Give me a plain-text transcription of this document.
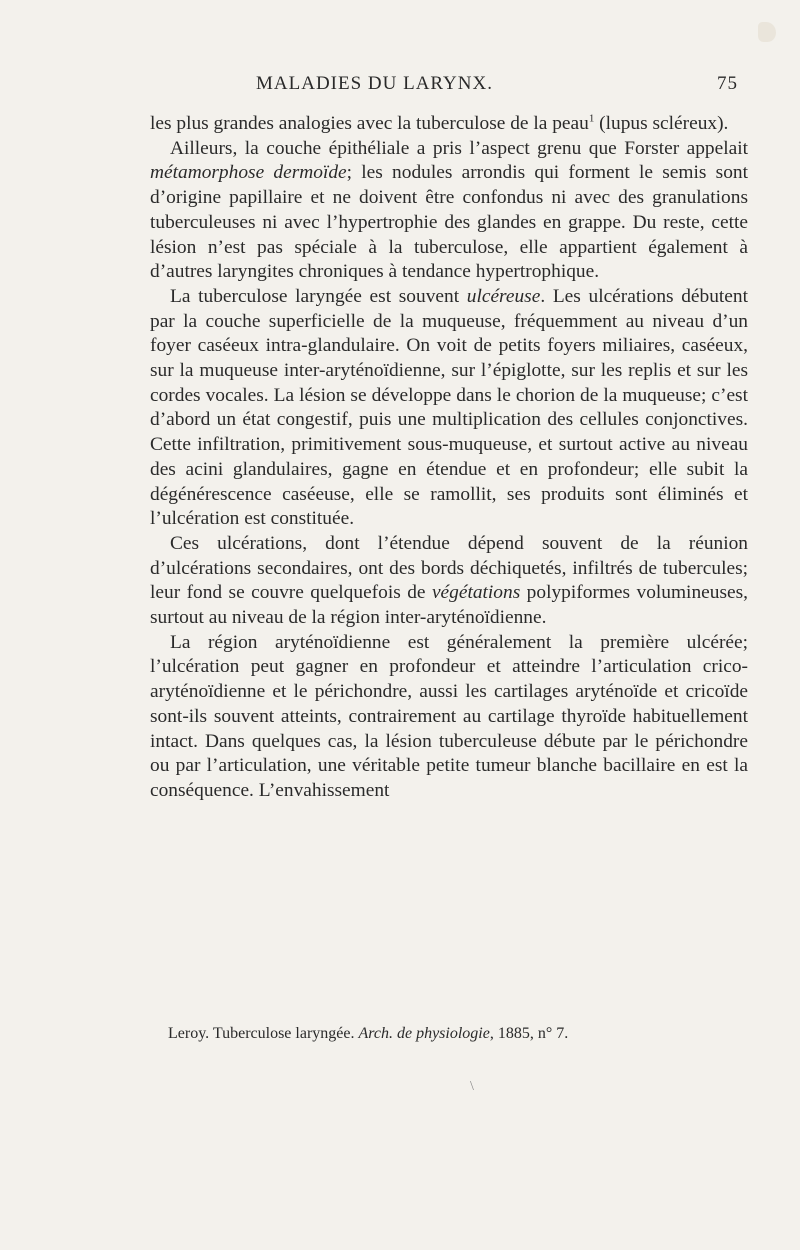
MALADIES DU LARYNX.	75

les plus grandes analogies avec la tuberculose de la peau$^1$ (lupus scléreux).

Ailleurs, la couche épithéliale a pris l’aspect grenu que Forster appelait métamorphose dermoïde; les nodules arrondis qui forment le semis sont d’origine papillaire et ne doivent être confondus ni avec des granulations tuberculeuses ni avec l’hypertrophie des glandes en grappe. Du reste, cette lésion n’est pas spéciale à la tuberculose, elle appartient également à d’autres laryngites chroniques à tendance hypertrophique.

La tuberculose laryngée est souvent ulcéreuse. Les ulcérations débutent par la couche superficielle de la muqueuse, fréquemment au niveau d’un foyer caséeux intra-glandulaire. On voit de petits foyers miliaires, caséeux, sur la muqueuse inter-aryténoïdienne, sur l’épiglotte, sur les replis et sur les cordes vocales. La lésion se développe dans le chorion de la muqueuse; c’est d’abord un état congestif, puis une multiplication des cellules conjonctives. Cette infiltration, primitivement sous-muqueuse, et surtout active au niveau des acini glandulaires, gagne en étendue et en profondeur; elle subit la dégénérescence caséeuse, elle se ramollit, ses produits sont éliminés et l’ulcération est constituée.

Ces ulcérations, dont l’étendue dépend souvent de la réunion d’ulcérations secondaires, ont des bords déchiquetés, infiltrés de tubercules; leur fond se couvre quelquefois de végétations polypiformes volumineuses, surtout au niveau de la région inter-aryténoïdienne.

La région aryténoïdienne est généralement la première ulcérée; l’ulcération peut gagner en profondeur et atteindre l’articulation crico-aryténoïdienne et le périchondre, aussi les cartilages aryténoïde et cricoïde sont-ils souvent atteints, contrairement au cartilage thyroïde habituellement intact. Dans quelques cas, la lésion tuberculeuse débute par le périchondre ou par l’articulation, une véritable petite tumeur blanche bacillaire en est la conséquence. L’envahissement

Leroy. Tuberculose laryngée. Arch. de physiologie, 1885, n° 7.
\
